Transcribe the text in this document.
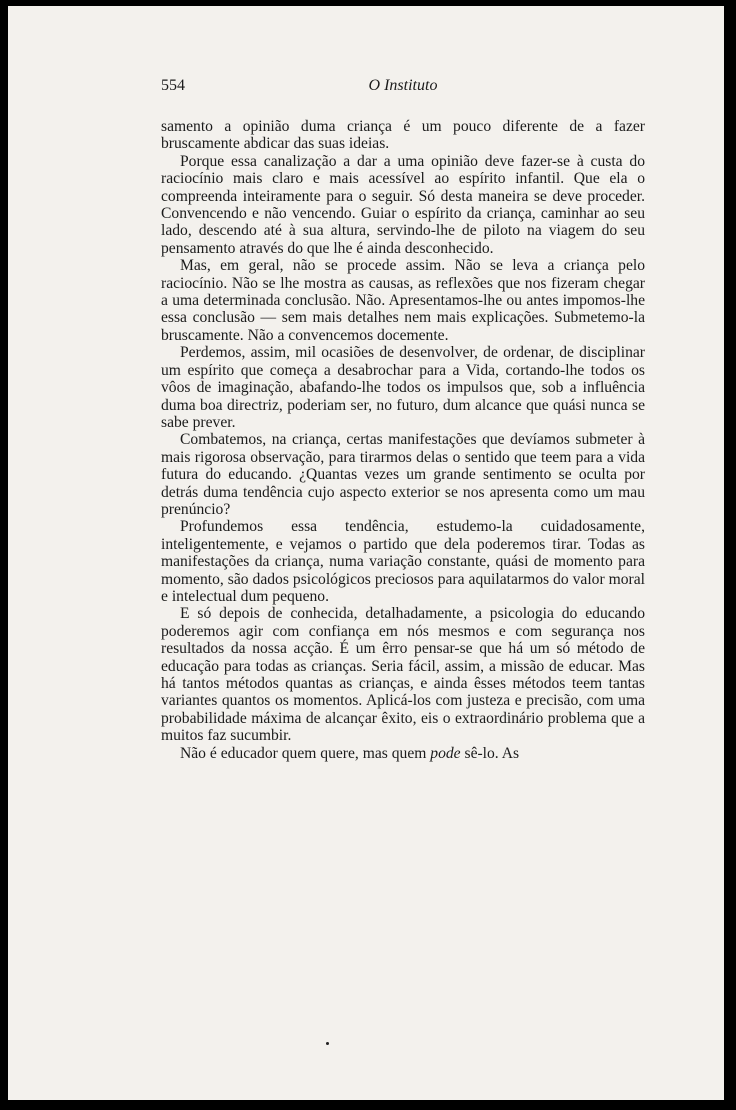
554	O Instituto

samento a opinião duma criança é um pouco diferente de a fazer bruscamente abdicar das suas ideias.

Porque essa canalização a dar a uma opinião deve fazer-se à custa do raciocínio mais claro e mais acessível ao espírito infantil. Que ela o compreenda inteiramente para o seguir. Só desta maneira se deve proceder. Convencendo e não vencendo. Guiar o espírito da criança, caminhar ao seu lado, descendo até à sua altura, servindo-lhe de piloto na viagem do seu pensamento através do que lhe é ainda desconhecido.

Mas, em geral, não se procede assim. Não se leva a criança pelo raciocínio. Não se lhe mostra as causas, as reflexões que nos fizeram chegar a uma determinada conclusão. Não. Apresentamos-lhe ou antes impomos-lhe essa conclusão — sem mais detalhes nem mais explicações. Submetemo-la bruscamente. Não a convencemos docemente.

Perdemos, assim, mil ocasiões de desenvolver, de ordenar, de disciplinar um espírito que começa a desabrochar para a Vida, cortando-lhe todos os vôos de imaginação, abafando-lhe todos os impulsos que, sob a influência duma boa directriz, poderiam ser, no futuro, dum alcance que quási nunca se sabe prever.

Combatemos, na criança, certas manifestações que devíamos submeter à mais rigorosa observação, para tirarmos delas o sentido que teem para a vida futura do educando. ¿Quantas vezes um grande sentimento se oculta por detrás duma tendência cujo aspecto exterior se nos apresenta como um mau prenúncio?

Profundemos essa tendência, estudemo-la cuidadosamente, inteligentemente, e vejamos o partido que dela poderemos tirar. Todas as manifestações da criança, numa variação constante, quási de momento para momento, são dados psicológicos preciosos para aquilatarmos do valor moral e intelectual dum pequeno.

E só depois de conhecida, detalhadamente, a psicologia do educando poderemos agir com confiança em nós mesmos e com segurança nos resultados da nossa acção. É um êrro pensar-se que há um só método de educação para todas as crianças. Seria fácil, assim, a missão de educar. Mas há tantos métodos quantas as crianças, e ainda êsses métodos teem tantas variantes quantos os momentos. Aplicá-los com justeza e precisão, com uma probabilidade máxima de alcançar êxito, eis o extraordinário problema que a muitos faz sucumbir.

Não é educador quem quere, mas quem pode sê-lo. As
